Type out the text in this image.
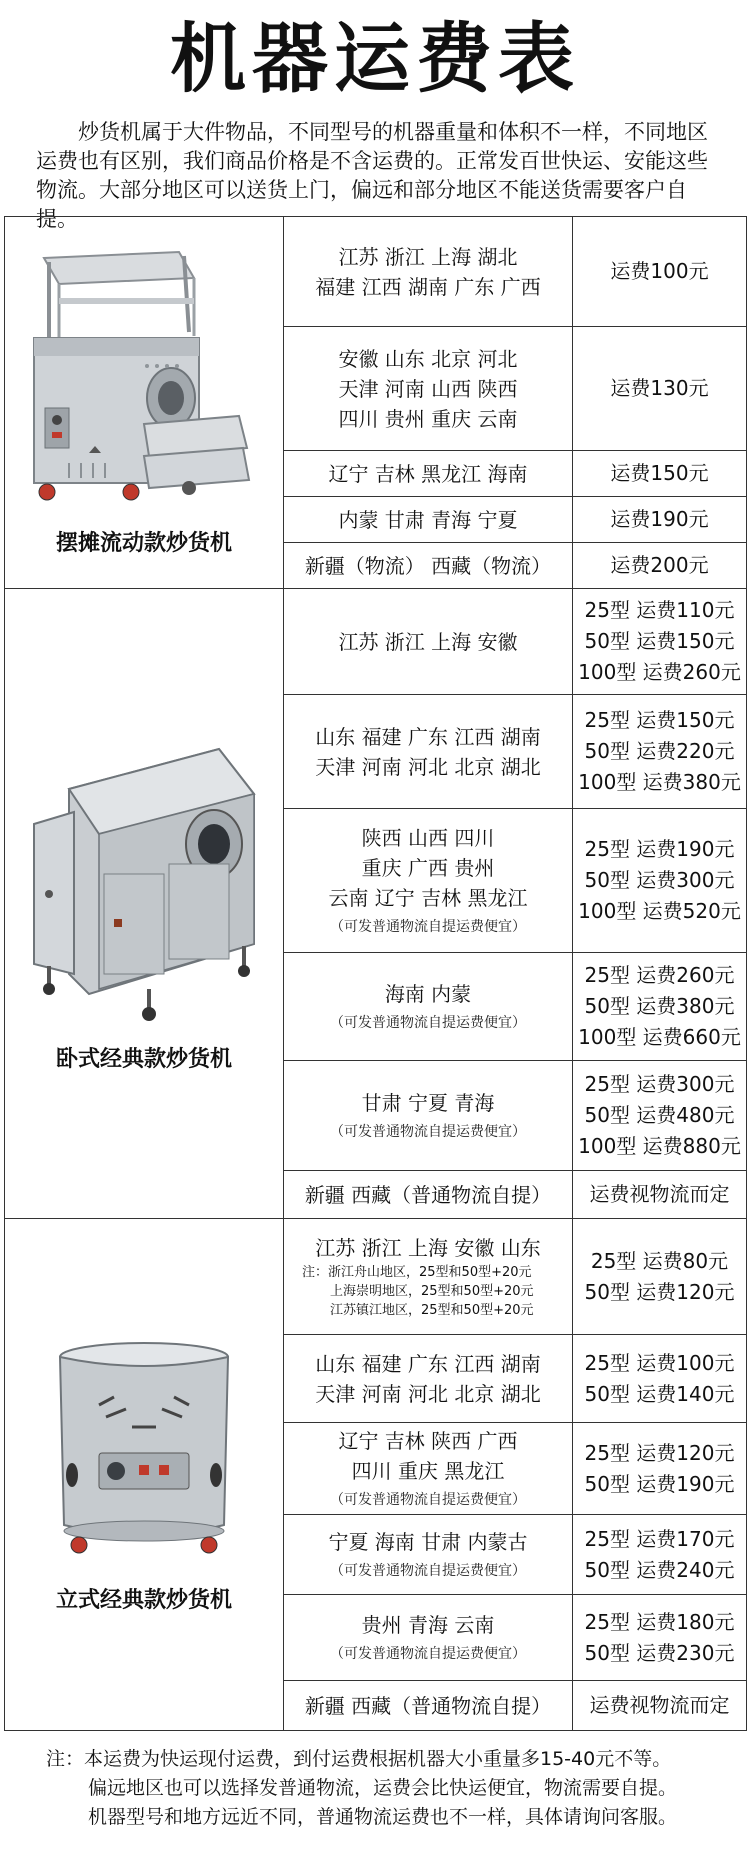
机器运费表
炒货机属于大件物品，不同型号的机器重量和体积不一样，不同地区
运费也有区别，我们商品价格是不含运费的。正常发百世快运、安能这些
物流。大部分地区可以送货上门，偏远和部分地区不能送货需要客户自提。
摆摊流动款炒货机	江苏 浙江 上海 湖北
福建 江西 湖南 广东 广西	运费100元

	安徽 山东 北京 河北
天津 河南 山西 陕西
四川 贵州 重庆 云南	运费130元

	辽宁 吉林 黑龙江 海南	运费150元

	内蒙 甘肃 青海 宁夏	运费190元

	新疆（物流） 西藏（物流）	运费200元

卧式经典款炒货机	江苏 浙江 上海 安徽	25型 运费110元
50型 运费150元
100型 运费260元

	山东 福建 广东 江西 湖南
天津 河南 河北 北京 湖北	25型 运费150元
50型 运费220元
100型 运费380元

	陕西 山西 四川
重庆 广西 贵州
云南 辽宁 吉林 黑龙江
（可发普通物流自提运费便宜）	25型 运费190元
50型 运费300元
100型 运费520元

	海南 内蒙
（可发普通物流自提运费便宜）	25型 运费260元
50型 运费380元
100型 运费660元

	甘肃 宁夏 青海
（可发普通物流自提运费便宜）	25型 运费300元
50型 运费480元
100型 运费880元

	新疆 西藏（普通物流自提）	运费视物流而定

立式经典款炒货机	江苏 浙江 上海 安徽 山东
注：浙江舟山地区，25型和50型+20元
上海崇明地区，25型和50型+20元
江苏镇江地区，25型和50型+20元	25型 运费80元
50型 运费120元

	山东 福建 广东 江西 湖南
天津 河南 河北 北京 湖北	25型 运费100元
50型 运费140元

	辽宁 吉林 陕西 广西
四川 重庆 黑龙江
（可发普通物流自提运费便宜）	25型 运费120元
50型 运费190元

	宁夏 海南 甘肃 内蒙古
（可发普通物流自提运费便宜）	25型 运费170元
50型 运费240元

	贵州 青海 云南
（可发普通物流自提运费便宜）	25型 运费180元
50型 运费230元

	新疆 西藏（普通物流自提）	运费视物流而定
注：本运费为快运现付运费，到付运费根据机器大小重量多15-40元不等。
偏远地区也可以选择发普通物流，运费会比快运便宜，物流需要自提。
机器型号和地方远近不同，普通物流运费也不一样，具体请询问客服。
